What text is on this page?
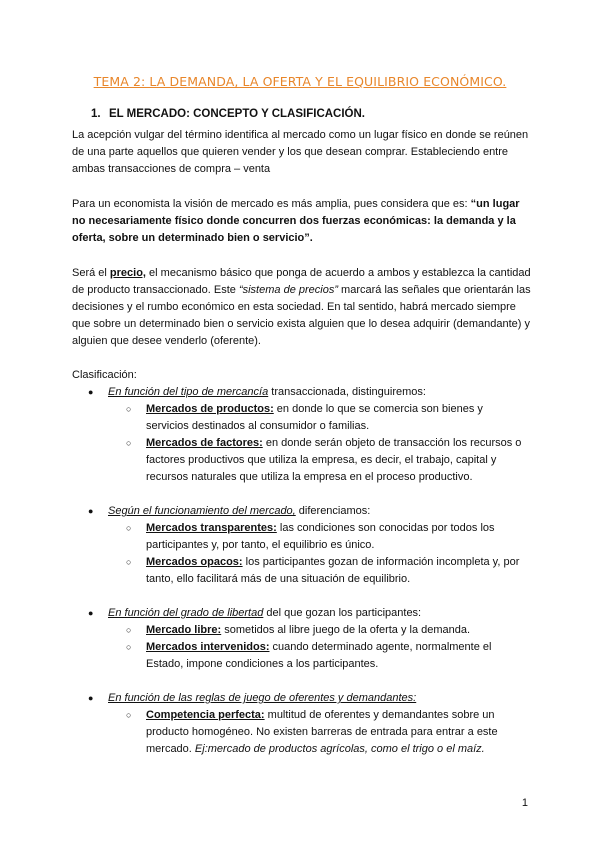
TEMA 2: LA DEMANDA, LA OFERTA Y EL EQUILIBRIO ECONÓMICO.
1. EL MERCADO: CONCEPTO Y CLASIFICACIÓN.

La acepción vulgar del término identifica al mercado como un lugar físico en donde se reúnen de una parte aquellos que quieren vender y los que desean comprar. Estableciendo entre ambas transacciones de compra – venta

Para un economista la visión de mercado es más amplia, pues considera que es: “un lugar no necesariamente físico donde concurren dos fuerzas económicas: la demanda y la oferta, sobre un determinado bien o servicio”.

Será el precio, el mecanismo básico que ponga de acuerdo a ambos y establezca la cantidad de producto transaccionado. Este “sistema de precios” marcará las señales que orientarán las decisiones y el rumbo económico en esta sociedad. En tal sentido, habrá mercado siempre que sobre un determinado bien o servicio exista alguien que lo desea adquirir (demandante) y alguien que desee venderlo (oferente).

Clasificación:

● En función del tipo de mercancía transaccionada, distinguiremos:
○ Mercados de productos: en donde lo que se comercia son bienes y servicios destinados al consumidor o familias.
○ Mercados de factores: en donde serán objeto de transacción los recursos o factores productivos que utiliza la empresa, es decir, el trabajo, capital y recursos naturales que utiliza la empresa en el proceso productivo.
● Según el funcionamiento del mercado, diferenciamos:
○ Mercados transparentes: las condiciones son conocidas por todos los participantes y, por tanto, el equilibrio es único.
○ Mercados opacos: los participantes gozan de información incompleta y, por tanto, ello facilitará más de una situación de equilibrio.
● En función del grado de libertad del que gozan los participantes:
○ Mercado libre: sometidos al libre juego de la oferta y la demanda.
○ Mercados intervenidos: cuando determinado agente, normalmente el Estado, impone condiciones a los participantes.
● En función de las reglas de juego de oferentes y demandantes:
○ Competencia perfecta: multitud de oferentes y demandantes sobre un producto homogéneo. No existen barreras de entrada para entrar a este mercado. Ej:mercado de productos agrícolas, como el trigo o el maíz.
1
